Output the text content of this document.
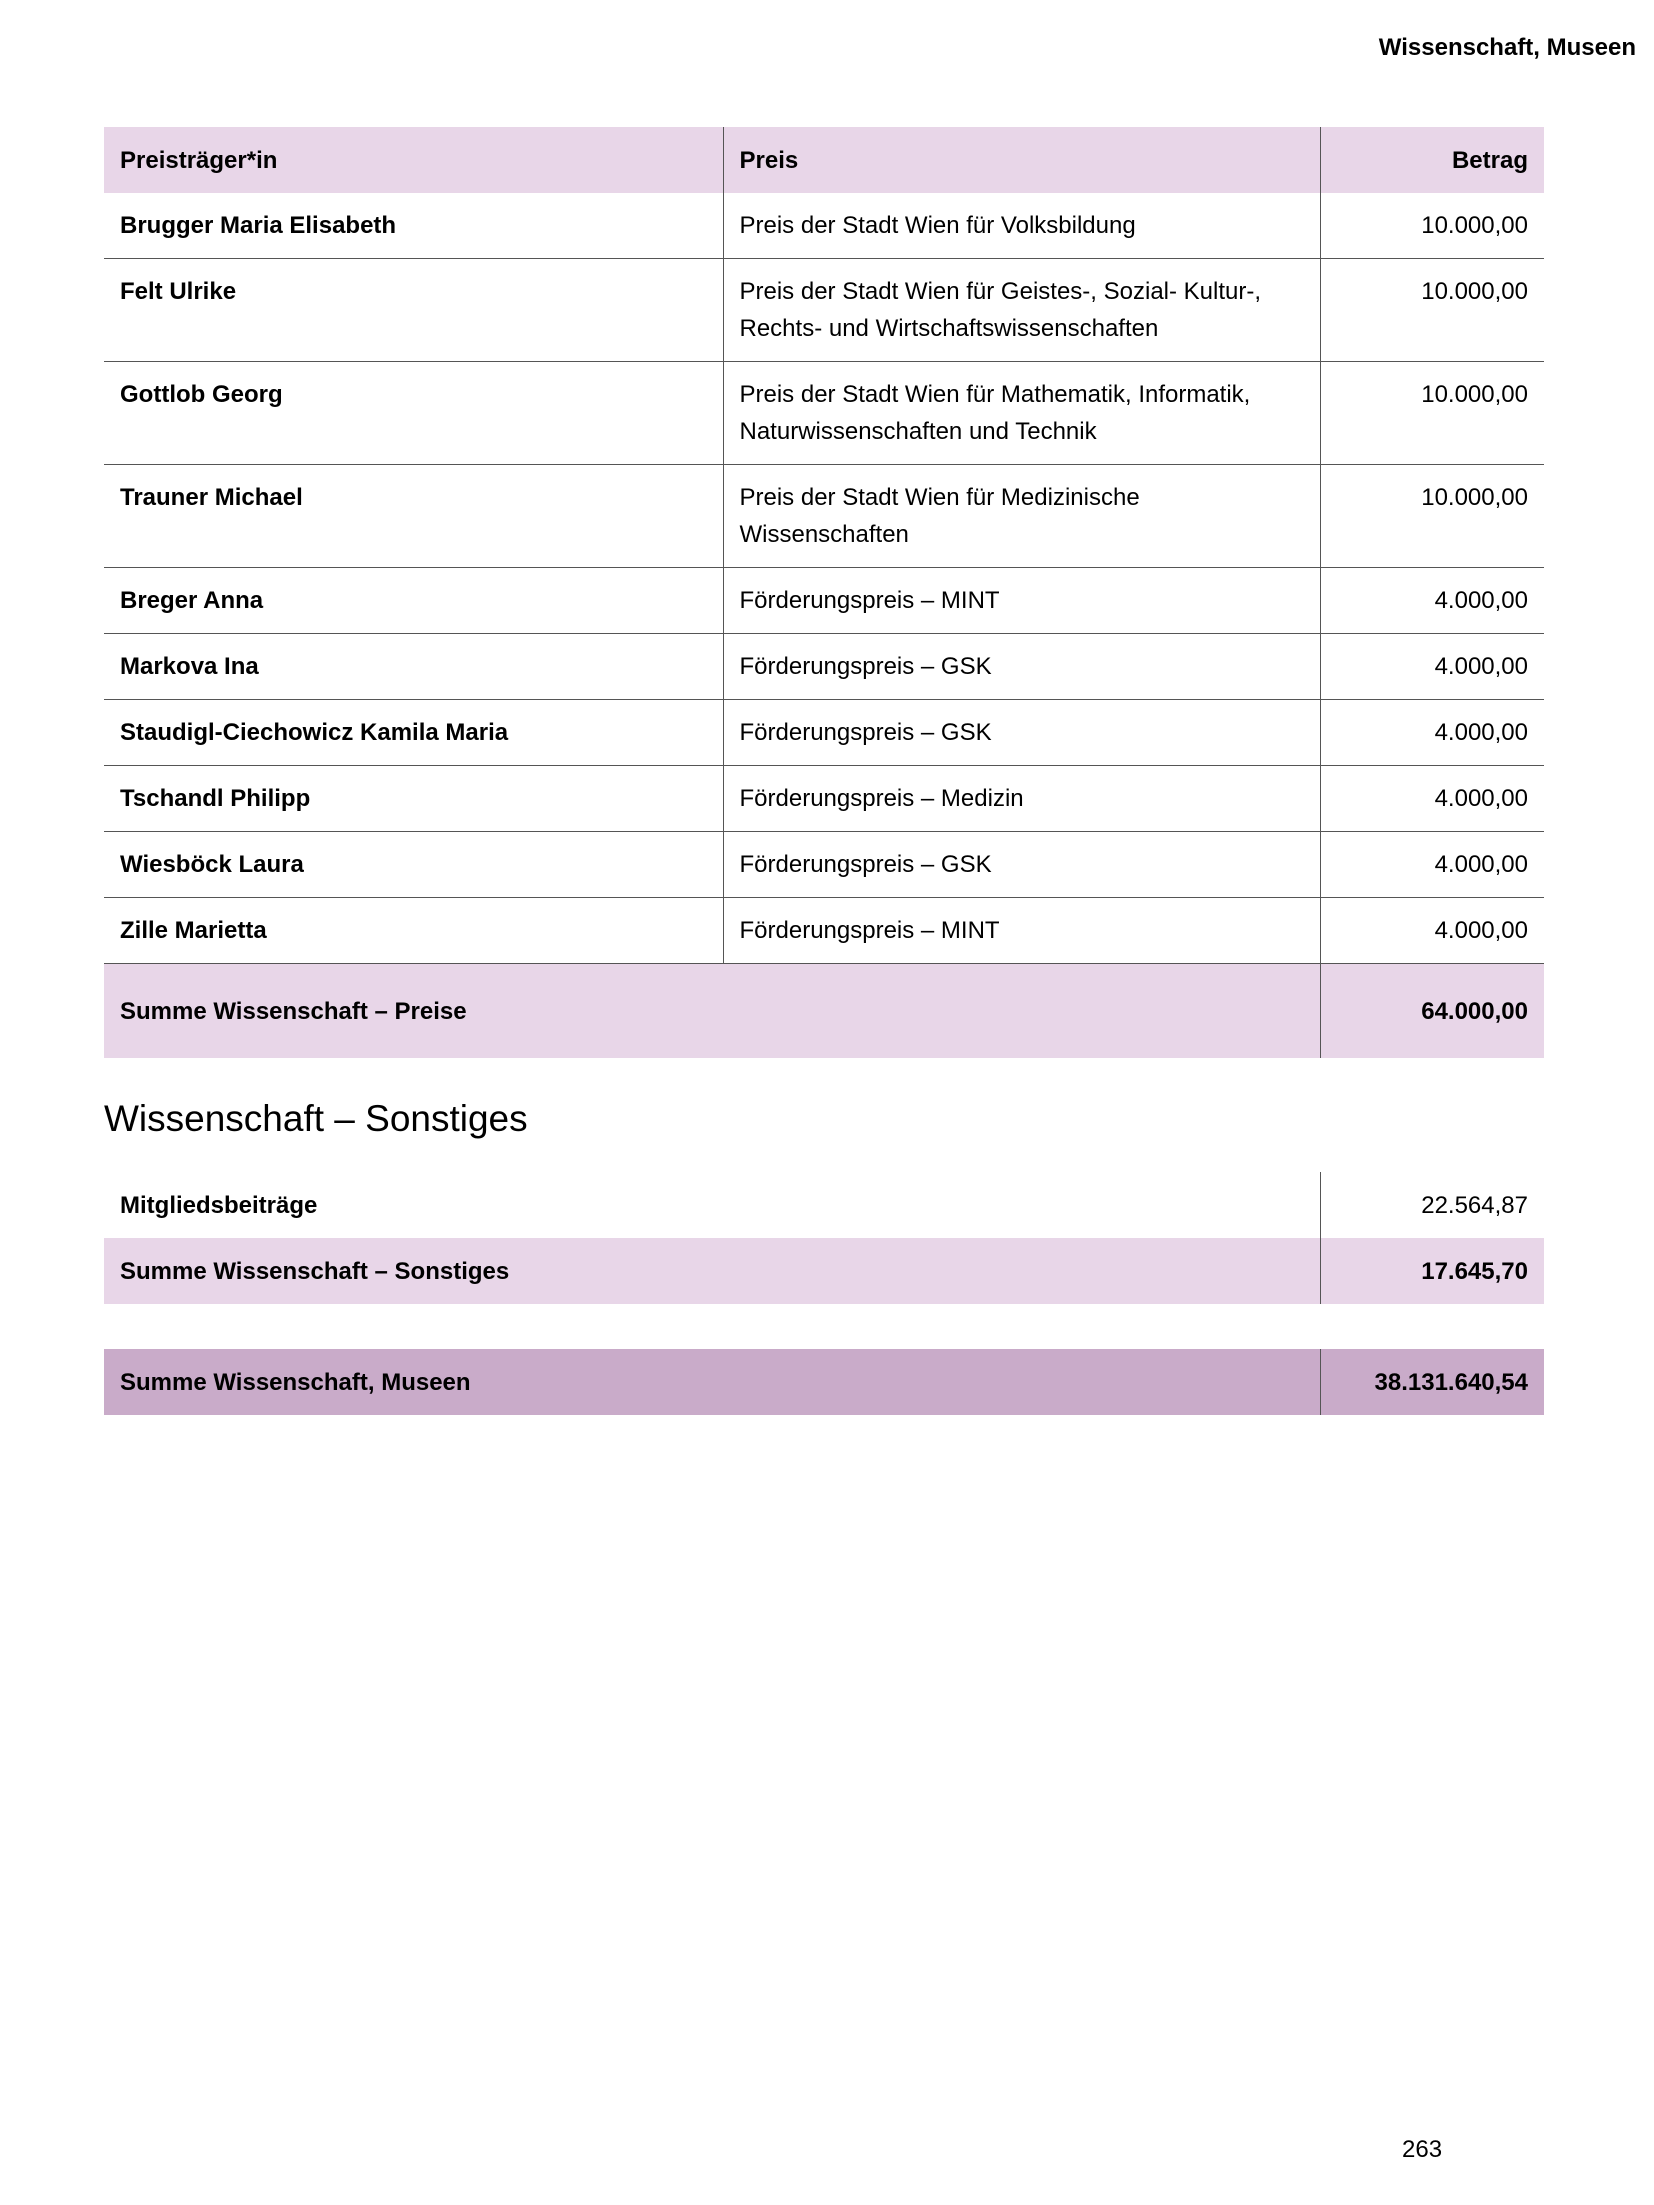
Wissenschaft, Museen
Preisträger*in	Preis	Betrag
Brugger Maria Elisabeth	Preis der Stadt Wien für Volksbildung	10.000,00
Felt Ulrike	Preis der Stadt Wien für Geistes-, Sozial- Kultur-, Rechts- und Wirtschaftswissenschaften	10.000,00
Gottlob Georg	Preis der Stadt Wien für Mathematik, Informatik, Naturwissenschaften und Technik	10.000,00
Trauner Michael	Preis der Stadt Wien für Medizinische Wissenschaften	10.000,00
Breger Anna	Förderungspreis – MINT	4.000,00
Markova Ina	Förderungspreis – GSK	4.000,00
Staudigl-Ciechowicz Kamila Maria	Förderungspreis – GSK	4.000,00
Tschandl Philipp	Förderungspreis – Medizin	4.000,00
Wiesböck Laura	Förderungspreis – GSK	4.000,00
Zille Marietta	Förderungspreis – MINT	4.000,00
Summe Wissenschaft – Preise		64.000,00
Wissenschaft – Sonstiges
Mitgliedsbeiträge	22.564,87
Summe Wissenschaft – Sonstiges	17.645,70
Summe Wissenschaft, Museen	38.131.640,54
263
